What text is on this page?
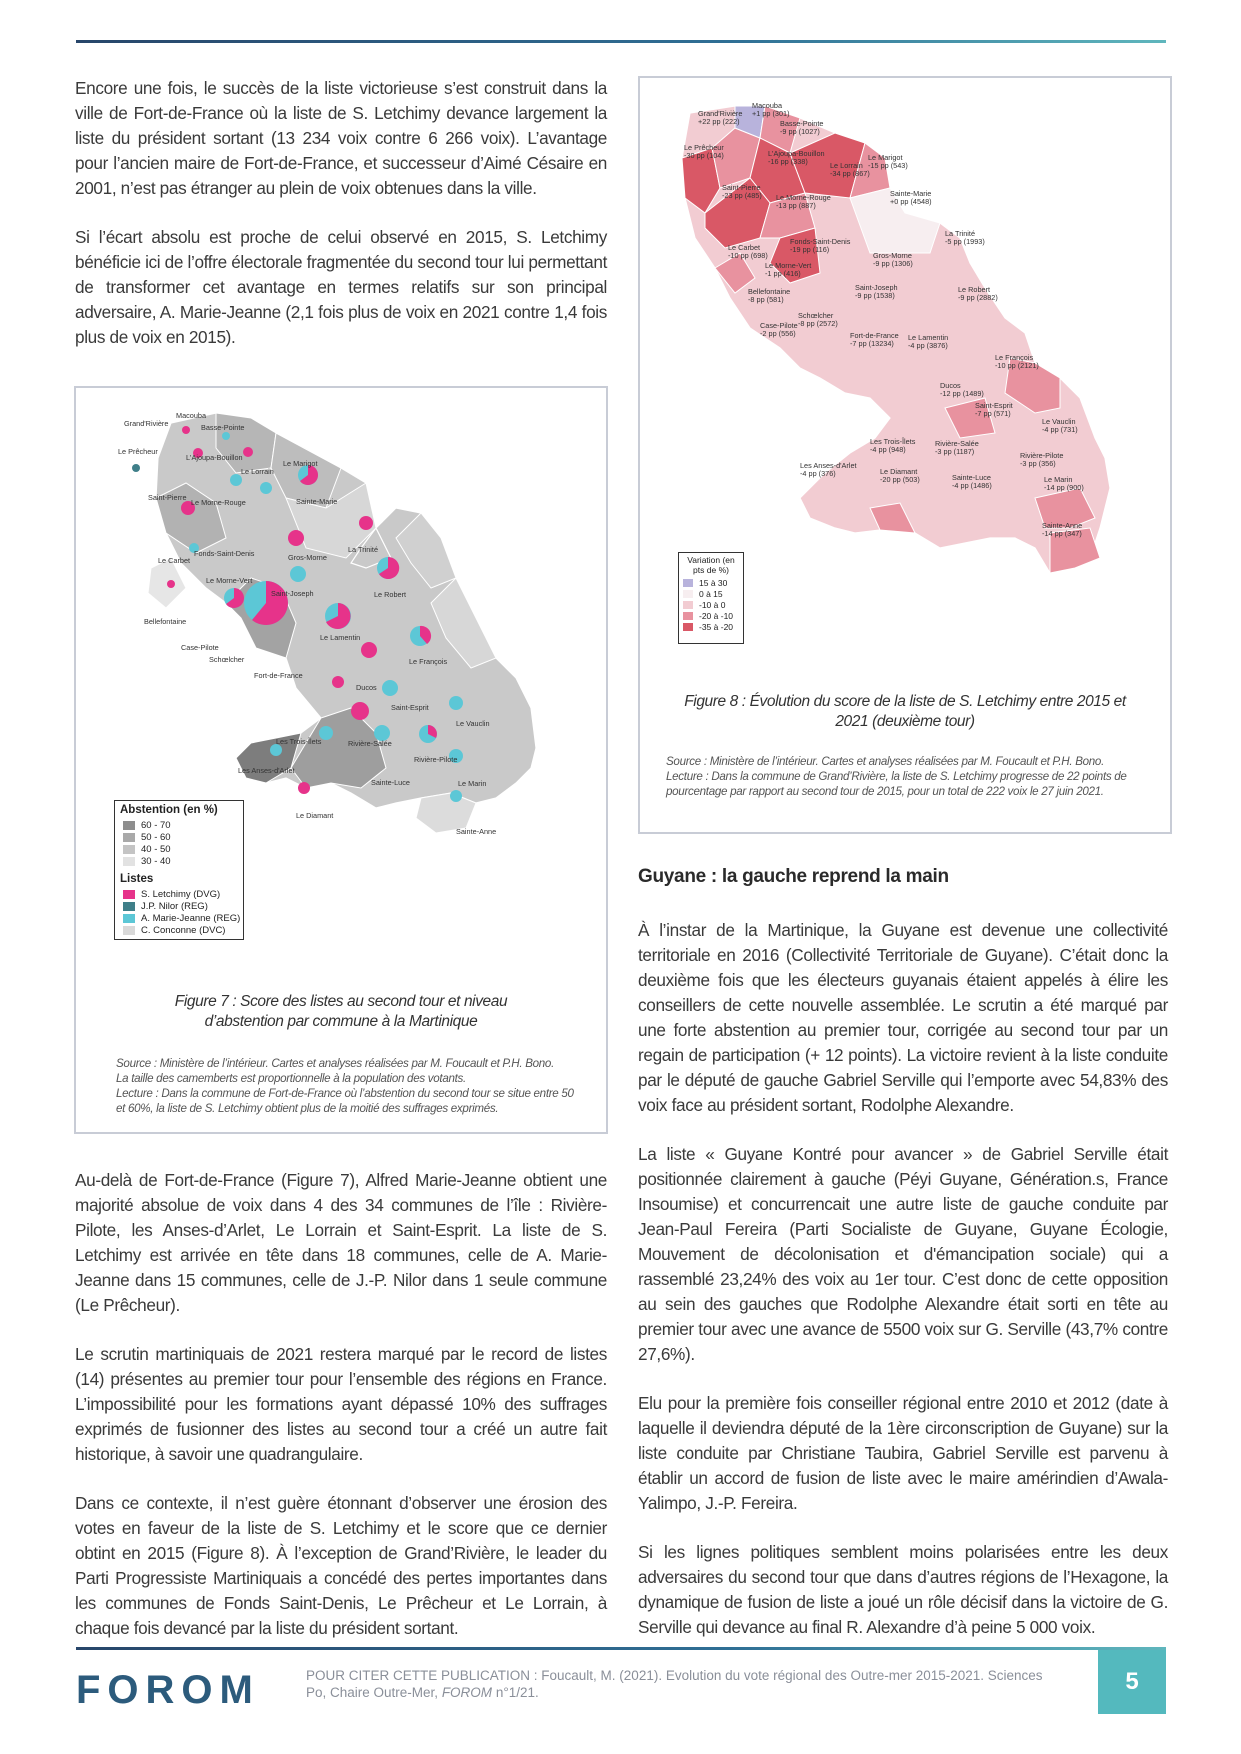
Encore une fois, le succès de la liste victorieuse s’est construit dans la ville de Fort-de-France où la liste de S. Letchimy devance largement la liste du président sortant (13 234 voix contre 6 266 voix). L’avantage pour l’ancien maire de Fort-de-France, et successeur d’Aimé Césaire en 2001, n’est pas étranger au plein de voix obtenues dans la ville.

Si l’écart absolu est proche de celui observé en 2015, S. Letchimy bénéficie ici de l’offre électorale fragmentée du second tour lui permettant de transformer cet avantage en termes relatifs sur son principal adversaire, A. Marie-Jeanne (2,1 fois plus de voix en 2021 contre 1,4 fois plus de voix en 2015).

Macouba
Grand'Rivière	Basse-Pointe
Le Prêcheur
L'Ajoupa-Bouillon
Le Lorrain
Le Marigot
Saint-Pierre
Le Morne-Rouge	Sainte-Marie
La Trinité
Fonds-Saint-Denis
Le Carbet	Gros-Morne
Le Morne-Vert
Saint-Joseph	Le Robert
Bellefontaine
Case-Pilote
Schœlcher
Le Lamentin
Fort-de-France
Le François
Ducos
Saint-Esprit
Le Vauclin
Les Trois-Îlets	Rivière-Salée
Les Anses-d'Arlet
Rivière-Pilote
Sainte-Luce	Le Marin
Le Diamant
Sainte-Anne
Abstention (en %)
60 - 70
50 - 60
40 - 50
30 - 40
Listes
S. Letchimy (DVG)
J.P. Nilor (REG)
A. Marie-Jeanne (REG)
C. Conconne (DVC)
Figure 7 : Score des listes au second tour et niveau d’abstention par commune à la Martinique
Source : Ministère de l’intérieur. Cartes et analyses réalisées par M. Foucault et P.H. Bono.
La taille des camemberts est proportionnelle à la population des votants.
Lecture : Dans la commune de Fort-de-France où l’abstention du second tour se situe entre 50 et 60%, la liste de S. Letchimy obtient plus de la moitié des suffrages exprimés.

Au-delà de Fort-de-France (Figure 7), Alfred Marie-Jeanne obtient une majorité absolue de voix dans 4 des 34 communes de l’île : Rivière-Pilote, les Anses-d’Arlet, Le Lorrain et Saint-Esprit. La liste de S. Letchimy est arrivée en tête dans 18 communes, celle de A. Marie-Jeanne dans 15 communes, celle de J.-P. Nilor dans 1 seule commune (Le Prêcheur).

Le scrutin martiniquais de 2021 restera marqué par le record de listes (14) présentes au premier tour pour l’ensemble des régions en France. L’impossibilité pour les formations ayant dépassé 10% des suffrages exprimés de fusionner des listes au second tour a créé un autre fait historique, à savoir une quadrangulaire.

Dans ce contexte, il n’est guère étonnant d’observer une érosion des votes en faveur de la liste de S. Letchimy et le score que ce dernier obtint en 2015 (Figure 8). À l’exception de Grand’Rivière, le leader du Parti Progressiste Martiniquais a concédé des pertes importantes dans les communes de Fonds Saint-Denis, Le Prêcheur et Le Lorrain, à chaque fois devancé par la liste du président sortant.

Macouba
+1 pp (301)
Grand'Rivière
+22 pp (222)	Basse-Pointe
-9 pp (1027)
Le Prêcheur
-30 pp (104)	L'Ajoupa-Bouillon
-16 pp (338)	Le Lorrain
-34 pp (867)
Le Marigot
-15 pp (543)
Saint-Pierre
-23 pp (485) Le Morne-Rouge
-13 pp (887)
Sainte-Marie
+0 pp (4548)
La Trinité
-5 pp (1993)
Fonds-Saint-Denis
-19 pp (116)
Le Carbet
-10 pp (698)	Gros-Morne
-9 pp (1306)
Le Morne-Vert
-1 pp (416)
Bellefontaine
-8 pp (581)
Saint-Joseph
-9 pp (1538)
Le Robert
-9 pp (2882)
Schœlcher
-8 pp (2572)
Case-Pilote
-2 pp (556)	Fort-de-France
-7 pp (13234)
Le Lamentin
-4 pp (3876)
Le François
-10 pp (2121)
Ducos
-12 pp (1489)
Saint-Esprit
-7 pp (571)
Le Vauclin
-4 pp (731)
Les Trois-Îlets
-4 pp (948)
Rivière-Salée
-3 pp (1187)	Rivière-Pilote
-3 pp (356)
Les Anses-d'Arlet
-4 pp (376)	Le Diamant
-20 pp (503)	Sainte-Luce
-4 pp (1486)
Le Marin
-14 pp (900)
Sainte-Anne
-14 pp (347)
Variation (en pts de %)
15 à 30
0 à 15
-10 à 0
-20 à -10
-35 à -20
Figure 8 : Évolution du score de la liste de S. Letchimy entre 2015 et 2021 (deuxième tour)
Source : Ministère de l’intérieur. Cartes et analyses réalisées par M. Foucault et P.H. Bono.
Lecture : Dans la commune de Grand’Rivière, la liste de S. Letchimy progresse de 22 points de pourcentage par rapport au second tour de 2015, pour un total de 222 voix le 27 juin 2021.
Guyane : la gauche reprend la main

À l’instar de la Martinique, la Guyane est devenue une collectivité territoriale en 2016 (Collectivité Territoriale de Guyane). C’était donc la deuxième fois que les électeurs guyanais étaient appelés à élire les conseillers de cette nouvelle assemblée. Le scrutin a été marqué par une forte abstention au premier tour, corrigée au second tour par un regain de participation (+ 12 points). La victoire revient à la liste conduite par le député de gauche Gabriel Serville qui l’emporte avec 54,83% des voix face au président sortant, Rodolphe Alexandre.

La liste « Guyane Kontré pour avancer » de Gabriel Serville était positionnée clairement à gauche (Péyi Guyane, Génération.s, France Insoumise) et concurrencait une autre liste de gauche conduite par Jean-Paul Fereira (Parti Socialiste de Guyane, Guyane Écologie, Mouvement de décolonisation et d'émancipation sociale) qui a rassemblé 23,24% des voix au 1er tour. C’est donc de cette opposition au sein des gauches que Rodolphe Alexandre était sorti en tête au premier tour avec une avance de 5500 voix sur G. Serville (43,7% contre 27,6%).

Elu pour la première fois conseiller régional entre 2010 et 2012 (date à laquelle il deviendra député de la 1ère circonscription de Guyane) sur la liste conduite par Christiane Taubira, Gabriel Serville est parvenu à établir un accord de fusion de liste avec le maire amérindien d’Awala-Yalimpo, J.-P. Fereira.

Si les lignes politiques semblent moins polarisées entre les deux adversaires du second tour que dans d’autres régions de l’Hexagone, la dynamique de fusion de liste a joué un rôle décisif dans la victoire de G. Serville qui devance au final R. Alexandre d’à peine 5 000 voix.

FOROM	POUR CITER CETTE PUBLICATION : Foucault, M. (2021). Evolution du vote régional des Outre-mer 2015-2021. Sciences Po, Chaire Outre-Mer, FOROM n°1/21.	5
